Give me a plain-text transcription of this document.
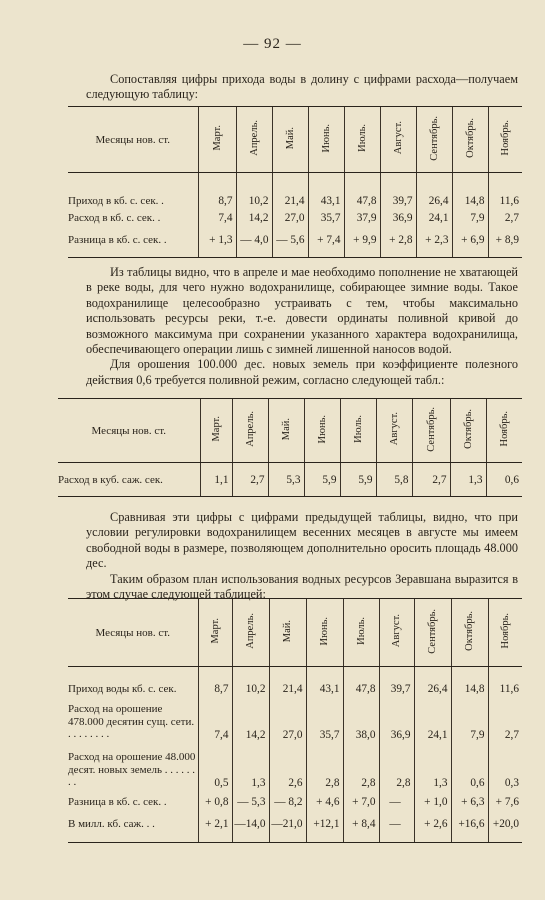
— 92 —

Сопоставляя цифры прихода воды в долину с цифрами расхода—получаем следующую таблицу:

Месяцы нов. ст.	Март.	Апрель.	Май.	Июнь.	Июль.	Август.	Сентябрь.	Октябрь.	Ноябрь.
Приход в кб. с. сек. .	8,7	10,2	21,4	43,1	47,8	39,7	26,4	14,8	11,6
Расход в кб. с. сек. .	7,4	14,2	27,0	35,7	37,9	36,9	24,1	7,9	2,7
Разница в кб. с. сек. .	+ 1,3	— 4,0	— 5,6	+ 7,4	+ 9,9	+ 2,8	+ 2,3	+ 6,9	+ 8,9

Из таблицы видно, что в апреле и мае необходимо пополнение не хватающей в реке воды, для чего нужно водохранилище, собирающее зимние воды. Такое водохранилище целесообразно устраивать с тем, чтобы максимально использовать ресурсы реки, т.-е. довести ординаты поливной кривой до возможного максимума при сохранении указанного характера водохранилища, обеспечивающего операции лишь с зимней лишенной наносов водой.

Для орошения 100.000 дес. новых земель при коэффициенте полезного действия 0,6 требуется поливной режим, согласно следующей табл.:

Месяцы нов. ст.	Март.	Апрель.	Май.	Июнь.	Июль.	Август.	Сентябрь.	Октябрь.	Ноябрь.
Расход в куб. саж. сек.	1,1	2,7	5,3	5,9	5,9	5,8	2,7	1,3	0,6

Сравнивая эти цифры с цифрами предыдущей таблицы, видно, что при условии регулировки водохранилищем весенних месяцев в августе мы имеем свободной воды в размере, позволяющем дополнительно оросить площадь 48.000 дес.

Таким образом план использования водных ресурсов Зеравшана выразится в этом случае следующей таблицей:

Месяцы нов. ст.	Март.	Апрель.	Май.	Июнь.	Июль.	Август.	Сентябрь.	Октябрь.	Ноябрь.
Приход воды кб. с. сек.	8,7	10,2	21,4	43,1	47,8	39,7	26,4	14,8	11,6
Расход на орошение 478.000 десятин сущ. сети. . . . . . . . .	7,4	14,2	27,0	35,7	38,0	36,9	24,1	7,9	2,7
Расход на орошение 48.000 десят. новых земель . . . . . . . .	0,5	1,3	2,6	2,8	2,8	2,8	1,3	0,6	0,3
Разница в кб. с. сек. .	+ 0,8	— 5,3	— 8,2	+ 4,6	+ 7,0	—	+ 1,0	+ 6,3	+ 7,6
В милл. кб. саж. . .	+ 2,1	—14,0	—21,0	+12,1	+ 8,4	—	+ 2,6	+16,6	+20,0
